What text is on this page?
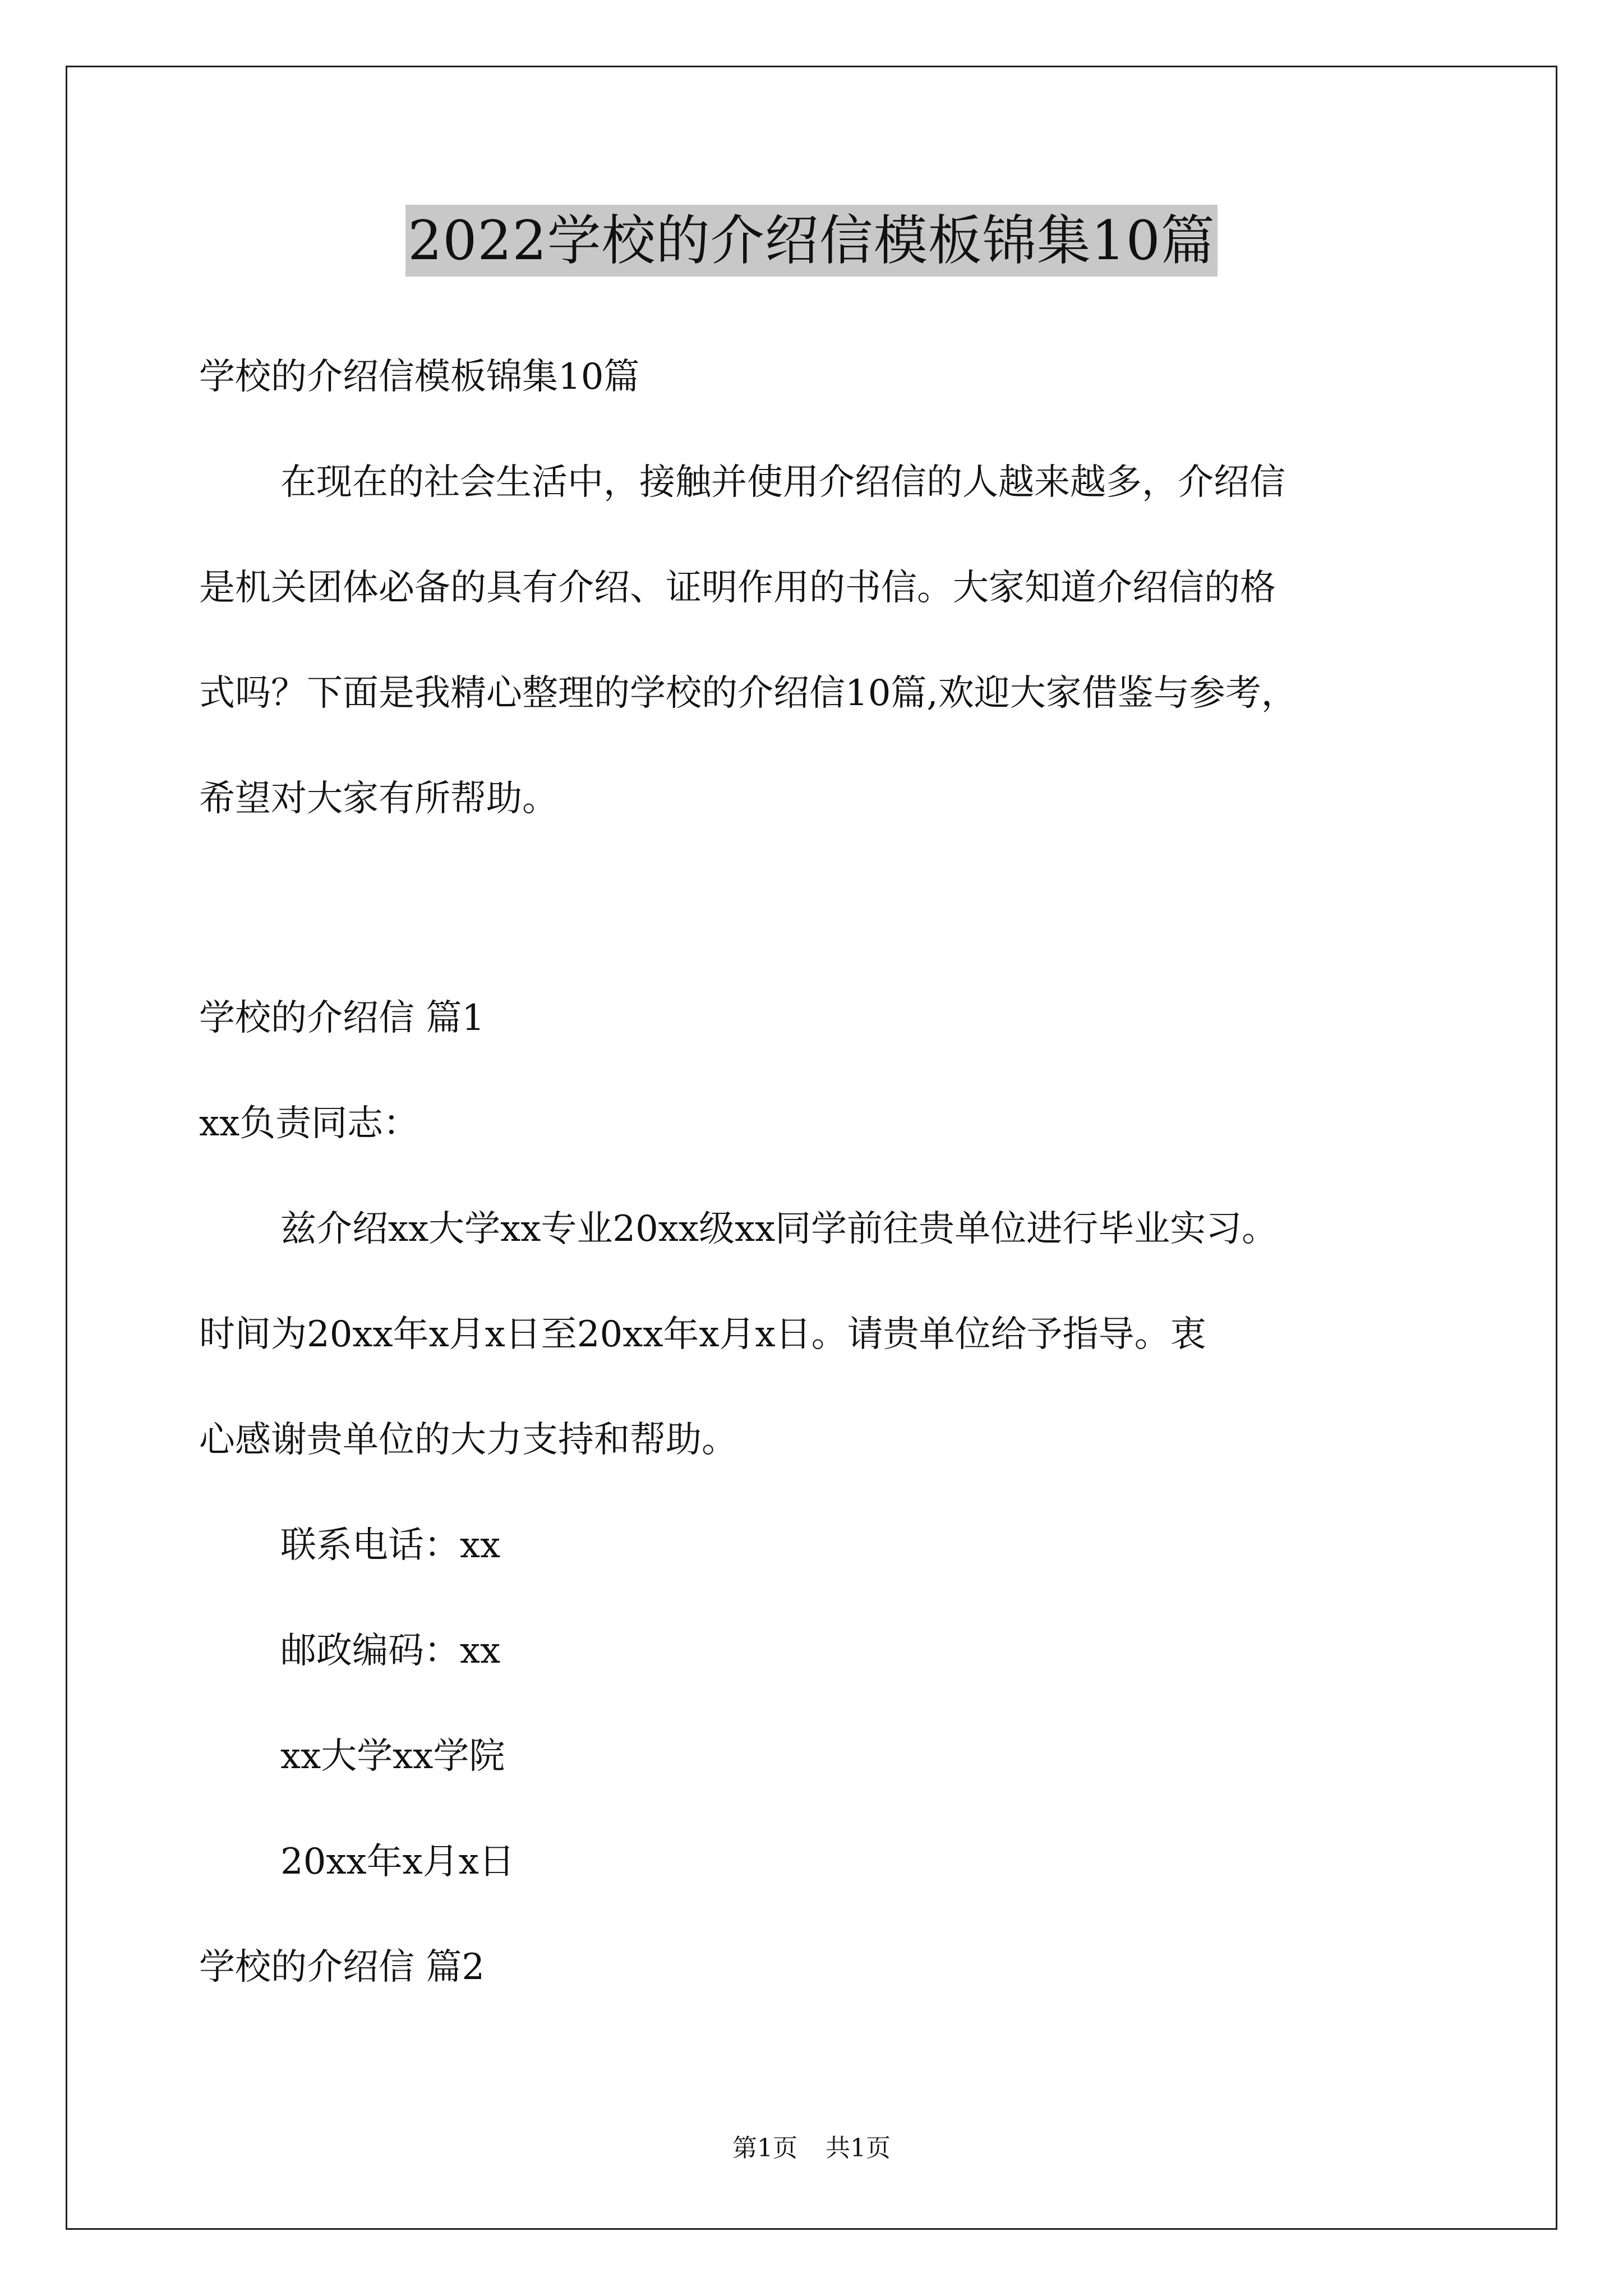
2022学校的介绍信模板锦集10篇
学校的介绍信模板锦集10篇
在现在的社会生活中，接触并使用介绍信的人越来越多，介绍信
是机关团体必备的具有介绍、证明作用的书信。大家知道介绍信的格
式吗？下面是我精心整理的学校的介绍信10篇,欢迎大家借鉴与参考，
希望对大家有所帮助。
学校的介绍信 篇1
xx负责同志：
兹介绍xx大学xx专业20xx级xx同学前往贵单位进行毕业实习。
时间为20xx年x月x日至20xx年x月x日。请贵单位给予指导。衷
心感谢贵单位的大力支持和帮助。
联系电话：xx
邮政编码：xx
xx大学xx学院
20xx年x月x日
学校的介绍信 篇2
第1页 共1页
